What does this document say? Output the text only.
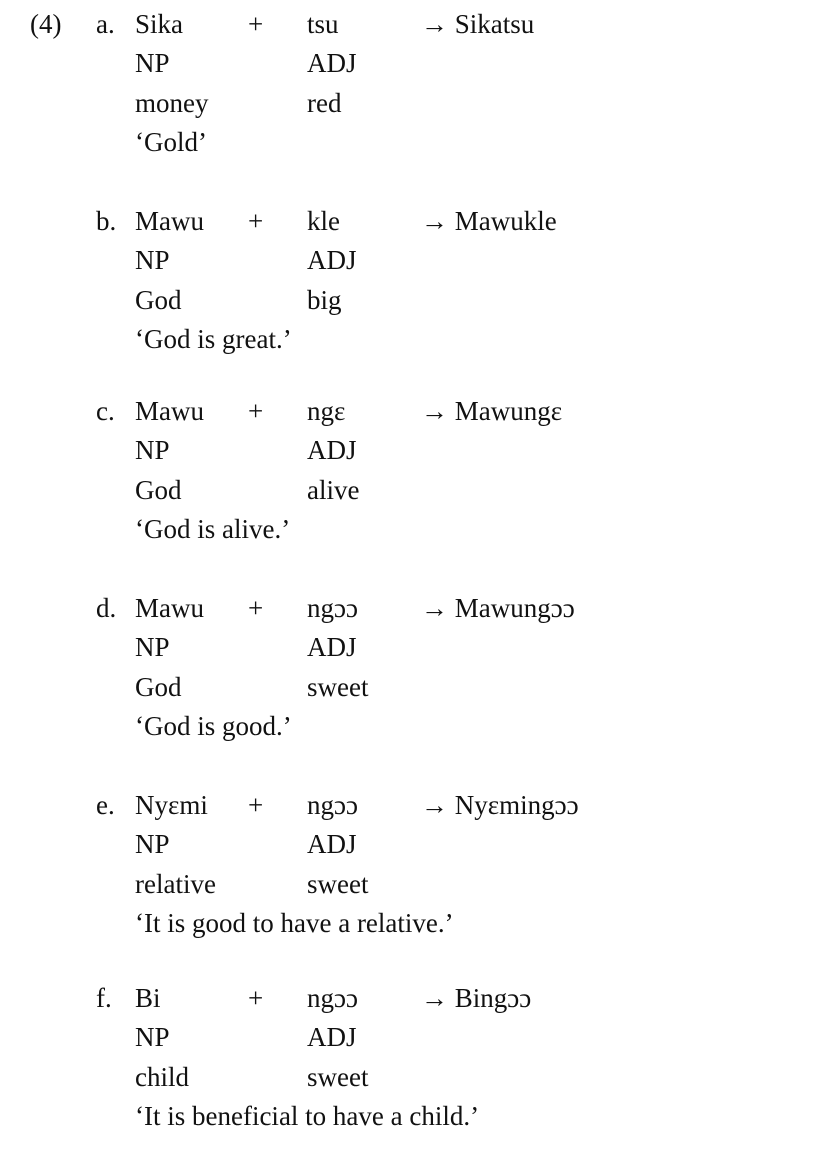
(4) a. Sika + tsu	→ Sikatsu
NP	ADJ
money	red
‘Gold’
b. Mawu + kle	→ Mawukle
NP	ADJ
God	big
‘God is great.’
c. Mawu + ngɛ	→ Mawungɛ
NP	ADJ
God	alive
‘God is alive.’
d. Mawu + ngɔɔ → Mawungɔɔ
NP	ADJ
God	sweet
‘God is good.’
e. Nyɛmi + ngɔɔ → Nyɛmingɔɔ
NP	ADJ
relative	sweet
‘It is good to have a relative.’
f. Bi	+ ngɔɔ → Bingɔɔ
NP	ADJ
child	sweet
‘It is beneficial to have a child.’
